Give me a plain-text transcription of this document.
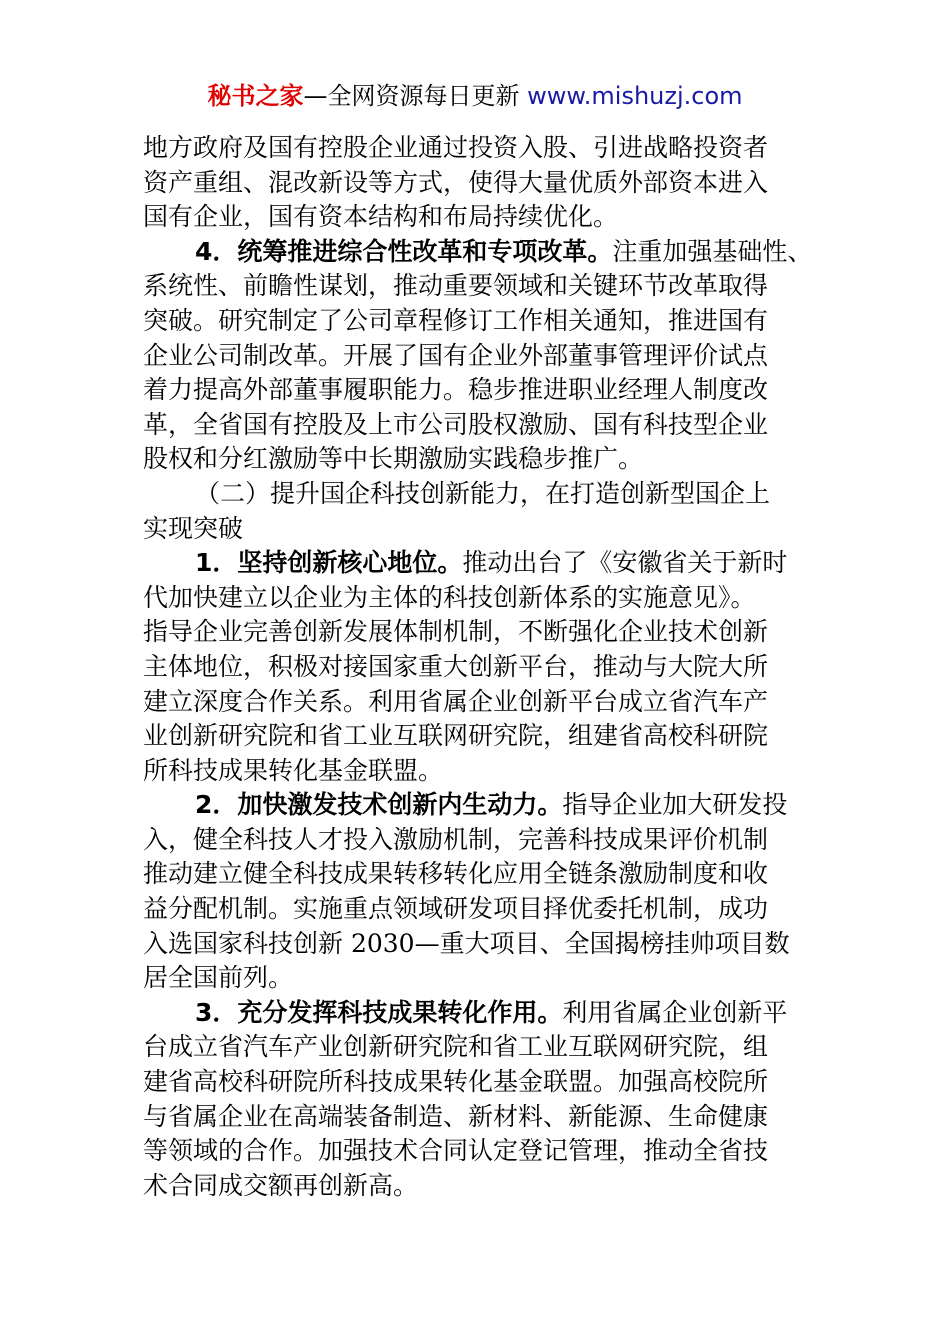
秘书之家—全网资源每日更新 www.mishuzj.com
地方政府及国有控股企业通过投资入股、引进战略投资者
资产重组、混改新设等方式，使得大量优质外部资本进入
国有企业，国有资本结构和布局持续优化。
4．统筹推进综合性改革和专项改革。注重加强基础性、
系统性、前瞻性谋划，推动重要领域和关键环节改革取得
突破。研究制定了公司章程修订工作相关通知，推进国有
企业公司制改革。开展了国有企业外部董事管理评价试点
着力提高外部董事履职能力。稳步推进职业经理人制度改
革，全省国有控股及上市公司股权激励、国有科技型企业
股权和分红激励等中长期激励实践稳步推广。
（二）提升国企科技创新能力，在打造创新型国企上
实现突破
1．坚持创新核心地位。推动出台了《安徽省关于新时
代加快建立以企业为主体的科技创新体系的实施意见》。
指导企业完善创新发展体制机制，不断强化企业技术创新
主体地位，积极对接国家重大创新平台，推动与大院大所
建立深度合作关系。利用省属企业创新平台成立省汽车产
业创新研究院和省工业互联网研究院，组建省高校科研院
所科技成果转化基金联盟。
2．加快激发技术创新内生动力。指导企业加大研发投
入，健全科技人才投入激励机制，完善科技成果评价机制
推动建立健全科技成果转移转化应用全链条激励制度和收
益分配机制。实施重点领域研发项目择优委托机制，成功
入选国家科技创新 2030—重大项目、全国揭榜挂帅项目数
居全国前列。
3．充分发挥科技成果转化作用。利用省属企业创新平
台成立省汽车产业创新研究院和省工业互联网研究院，组
建省高校科研院所科技成果转化基金联盟。加强高校院所
与省属企业在高端装备制造、新材料、新能源、生命健康
等领域的合作。加强技术合同认定登记管理，推动全省技
术合同成交额再创新高。
